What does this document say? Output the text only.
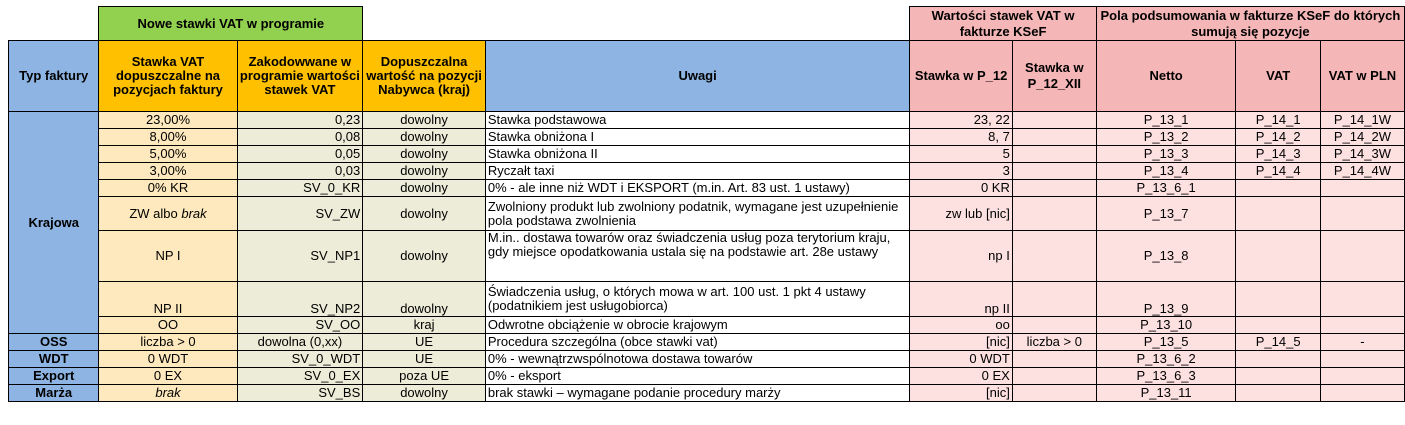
	Nowe stawki VAT w programie				Wartości stawek VAT w fakturze KSeF		Pola podsumowania w fakturze KSeF do których sumują się pozycje		
Typ faktury	Stawka VAT dopuszczalne na pozycjach faktury	Zakodowwane w programie wartości stawek VAT	Dopuszczalna wartość na pozycji Nabywca (kraj)	Uwagi	Stawka w P_12	Stawka w P_12_XII	Netto	VAT	VAT w PLN
Krajowa	23,00%	0,23	dowolny	Stawka podstawowa	23, 22		P_13_1	P_14_1	P_14_1W
	8,00%	0,08	dowolny	Stawka obniżona I	8, 7		P_13_2	P_14_2	P_14_2W
	5,00%	0,05	dowolny	Stawka obniżona II	5		P_13_3	P_14_3	P_14_3W
	3,00%	0,03	dowolny	Ryczałt taxi	3		P_13_4	P_14_4	P_14_4W
	0% KR	SV_0_KR	dowolny	0% - ale inne niż WDT i EKSPORT (m.in. Art. 83 ust. 1 ustawy)	0 KR		P_13_6_1		
	ZW albo brak	SV_ZW	dowolny	Zwolniony produkt lub zwolniony podatnik, wymagane jest uzupełnienie pola podstawa zwolnienia	zw lub [nic]		P_13_7		
	NP I	SV_NP1	dowolny	M.in.. dostawa towarów oraz świadczenia usług poza terytorium kraju, gdy miejsce opodatkowania ustala się na podstawie art. 28e ustawy	np I		P_13_8		
	NP II	SV_NP2	dowolny	Świadczenia usług, o których mowa w art. 100 ust. 1 pkt 4 ustawy (podatnikiem jest usługobiorca)	np II		P_13_9		
	OO	SV_OO	kraj	Odwrotne obciążenie w obrocie krajowym	oo		P_13_10		
OSS	liczba > 0	dowolna (0,xx)	UE	Procedura szczególna (obce stawki vat)	[nic]	liczba > 0	P_13_5	P_14_5	-
WDT	0 WDT	SV_0_WDT	UE	0% - wewnątrzwspólnotowa dostawa towarów	0 WDT		P_13_6_2		
Export	0 EX	SV_0_EX	poza UE	0% - eksport	0 EX		P_13_6_3		
Marża	brak	SV_BS	dowolny	brak stawki – wymagane podanie procedury marży	[nic]		P_13_11		
